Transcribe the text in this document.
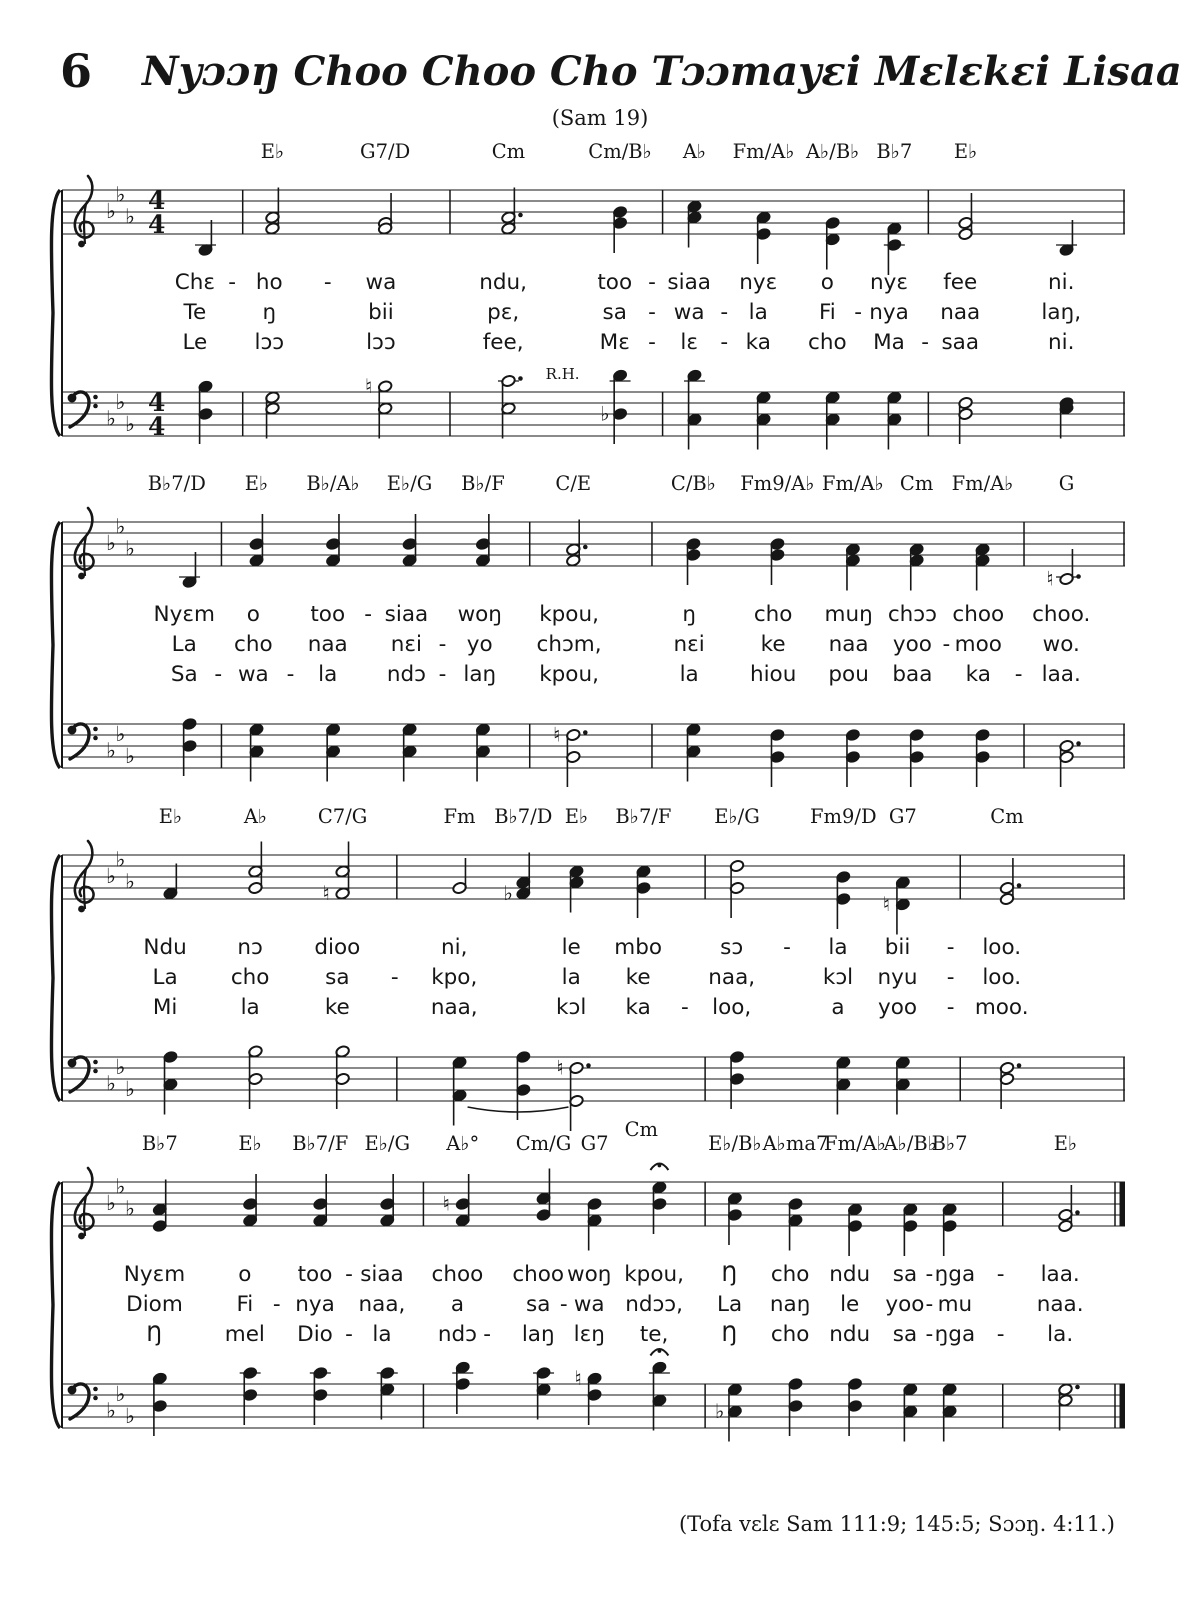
6 Nyɔɔŋ Choo Choo Cho Tɔɔmayɛi Mɛlɛkɛi Lisaa
(Sam 19)
E♭	G7/D	Cm	Cm/B♭ A♭ Fm/A♭ A♭/B♭ B♭7 E♭
♭
♭
♭
4
4
Chɛ - ho - wa	ndu,	too - siaa nyɛ o nyɛ fee	ni.
Te	ŋ	bii	pɛ,	sa - wa - la Fi - nya naa	laŋ,
Le lɔɔ	lɔɔ	fee,	Mɛ - lɛ - ka cho Ma - saa	ni.
♭
♭
♭
4
4
♮
♭
R.H.
B♭7/D E♭ B♭/A♭ E♭/G B♭/F	C/E	C/B♭ Fm9/A♭ Fm/A♭ Cm Fm/A♭ G
♭
♭
♭
♮
Nyɛm o too - siaa woŋ kpou,	ŋ	cho muŋ chɔɔ choo choo.
La cho naa nɛi - yo chɔm,	nɛi	ke naa yoo - moo wo.
Sa - wa - la ndɔ - laŋ kpou,	la hiou pou baa ka - laa.
♭
♭
♭
♮
E♭	A♭	C7/G	Fm B♭7/D E♭ B♭7/F E♭/G	Fm9/D G7	Cm
♭
♭
♭	♮	♭	♮
Ndu nɔ dioo	ni,	le mbo	sɔ - la bii - loo.
La cho	sa - kpo,	la ke	naa,	kɔl nyu - loo.
Mi	la	ke	naa,	kɔl ka - loo,	a yoo - moo.
♭
♭
♭
♮
B♭7	E♭ B♭7/F E♭/G A♭° Cm/G G7
Cm
E♭/B♭ A♭ma7
Fm/A♭
A♭/B♭
B♭7	E♭
♭
♭
♭	♮
Nyɛm o too - siaa choo choo woŋ kpou, Ŋ cho ndu sa - ŋga - laa.
Diom Fi - nya naa, a	sa - wa ndɔɔ, La naŋ le yoo - mu	naa.
Ŋ	mel Dio - la ndɔ - laŋ lɛŋ te, Ŋ cho ndu sa - ŋga - la.
♭
♭
♭
♮
♭
(Tofa vɛlɛ Sam 111:9; 145:5; Sɔɔŋ. 4:11.)
